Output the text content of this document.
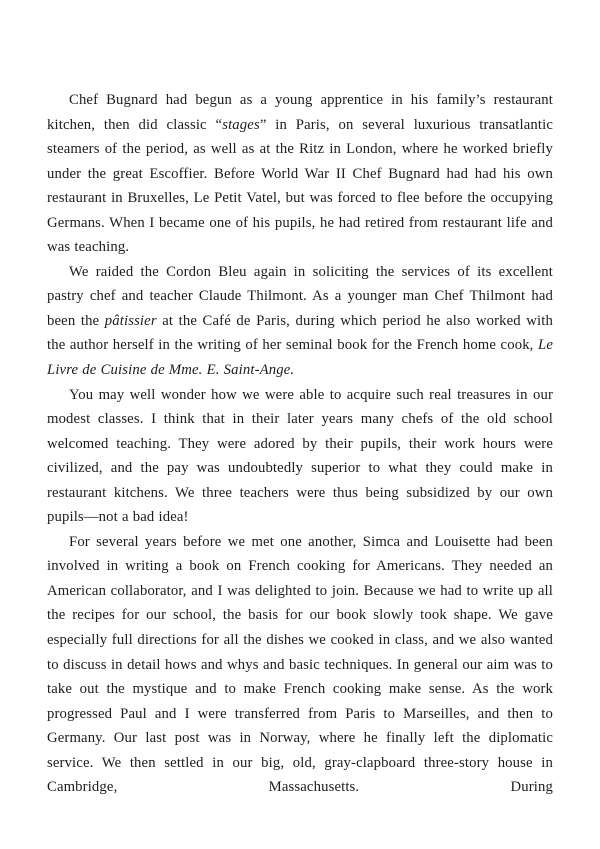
Chef Bugnard had begun as a young apprentice in his family’s restaurant kitchen, then did classic “stages” in Paris, on several luxurious transatlantic steamers of the period, as well as at the Ritz in London, where he worked briefly under the great Escoffier. Before World War II Chef Bugnard had had his own restaurant in Bruxelles, Le Petit Vatel, but was forced to flee before the occupying Germans. When I became one of his pupils, he had retired from restaurant life and was teaching.

We raided the Cordon Bleu again in soliciting the services of its excellent pastry chef and teacher Claude Thilmont. As a younger man Chef Thilmont had been the pâtissier at the Café de Paris, during which period he also worked with the author herself in the writing of her seminal book for the French home cook, Le Livre de Cuisine de Mme. E. Saint-Ange.

You may well wonder how we were able to acquire such real treasures in our modest classes. I think that in their later years many chefs of the old school welcomed teaching. They were adored by their pupils, their work hours were civilized, and the pay was undoubtedly superior to what they could make in restaurant kitchens. We three teachers were thus being subsidized by our own pupils—not a bad idea!

For several years before we met one another, Simca and Louisette had been involved in writing a book on French cooking for Americans. They needed an American collaborator, and I was delighted to join. Because we had to write up all the recipes for our school, the basis for our book slowly took shape. We gave especially full directions for all the dishes we cooked in class, and we also wanted to discuss in detail hows and whys and basic techniques. In general our aim was to take out the mystique and to make French cooking make sense. As the work progressed Paul and I were transferred from Paris to Marseilles, and then to Germany. Our last post was in Norway, where he finally left the diplomatic service. We then settled in our big, old, gray-clapboard three-story house in Cambridge, Massachusetts. During
